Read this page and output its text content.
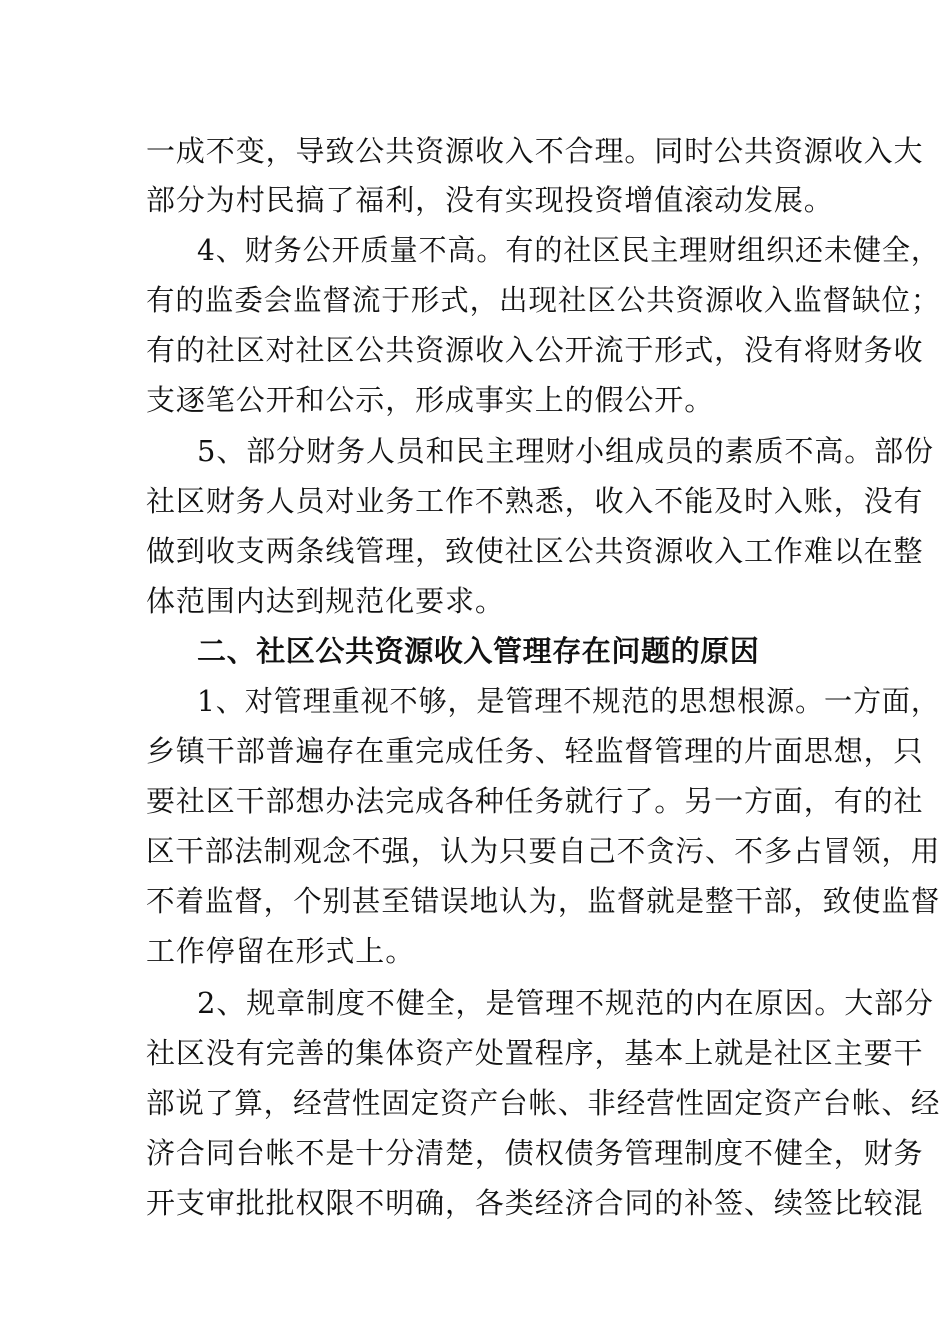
一成不变，导致公共资源收入不合理。同时公共资源收入大
部分为村民搞了福利，没有实现投资增值滚动发展。
4、财务公开质量不高。有的社区民主理财组织还未健全，
有的监委会监督流于形式，出现社区公共资源收入监督缺位；
有的社区对社区公共资源收入公开流于形式，没有将财务收
支逐笔公开和公示，形成事实上的假公开。
5、部分财务人员和民主理财小组成员的素质不高。部份
社区财务人员对业务工作不熟悉，收入不能及时入账，没有
做到收支两条线管理，致使社区公共资源收入工作难以在整
体范围内达到规范化要求。
二、社区公共资源收入管理存在问题的原因
1、对管理重视不够，是管理不规范的思想根源。一方面，
乡镇干部普遍存在重完成任务、轻监督管理的片面思想，只
要社区干部想办法完成各种任务就行了。另一方面，有的社
区干部法制观念不强，认为只要自己不贪污、不多占冒领，用
不着监督，个别甚至错误地认为，监督就是整干部，致使监督
工作停留在形式上。
2、规章制度不健全，是管理不规范的内在原因。大部分
社区没有完善的集体资产处置程序，基本上就是社区主要干
部说了算，经营性固定资产台帐、非经营性固定资产台帐、经
济合同台帐不是十分清楚，债权债务管理制度不健全，财务
开支审批批权限不明确，各类经济合同的补签、续签比较混
